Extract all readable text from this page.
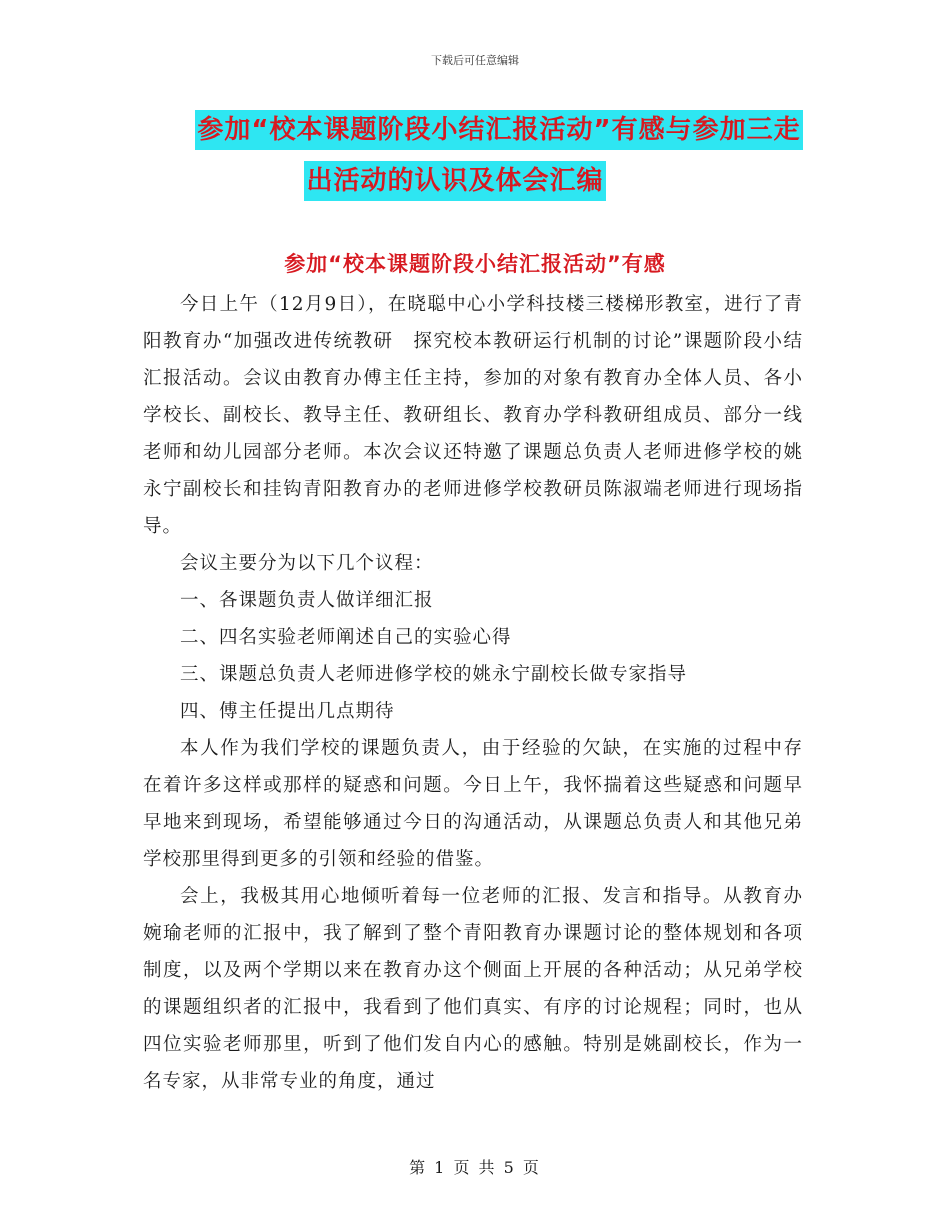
下载后可任意编辑
参加“校本课题阶段小结汇报活动”有感与参加三走
出活动的认识及体会汇编
参加“校本课题阶段小结汇报活动”有感

今日上午（12月9日），在晓聪中心小学科技楼三楼梯形教室，进行了青阳教育办“加强改进传统教研　探究校本教研运行机制的讨论”课题阶段小结汇报活动。会议由教育办傅主任主持，参加的对象有教育办全体人员、各小学校长、副校长、教导主任、教研组长、教育办学科教研组成员、部分一线老师和幼儿园部分老师。本次会议还特邀了课题总负责人老师进修学校的姚永宁副校长和挂钩青阳教育办的老师进修学校教研员陈淑端老师进行现场指导。

会议主要分为以下几个议程：

一、各课题负责人做详细汇报

二、四名实验老师阐述自己的实验心得

三、课题总负责人老师进修学校的姚永宁副校长做专家指导

四、傅主任提出几点期待

本人作为我们学校的课题负责人，由于经验的欠缺，在实施的过程中存在着许多这样或那样的疑惑和问题。今日上午，我怀揣着这些疑惑和问题早早地来到现场，希望能够通过今日的沟通活动，从课题总负责人和其他兄弟学校那里得到更多的引领和经验的借鉴。

会上，我极其用心地倾听着每一位老师的汇报、发言和指导。从教育办婉瑜老师的汇报中，我了解到了整个青阳教育办课题讨论的整体规划和各项制度，以及两个学期以来在教育办这个侧面上开展的各种活动；从兄弟学校的课题组织者的汇报中，我看到了他们真实、有序的讨论规程；同时，也从四位实验老师那里，听到了他们发自内心的感触。特别是姚副校长，作为一名专家，从非常专业的角度，通过

第 1 页 共 5 页
